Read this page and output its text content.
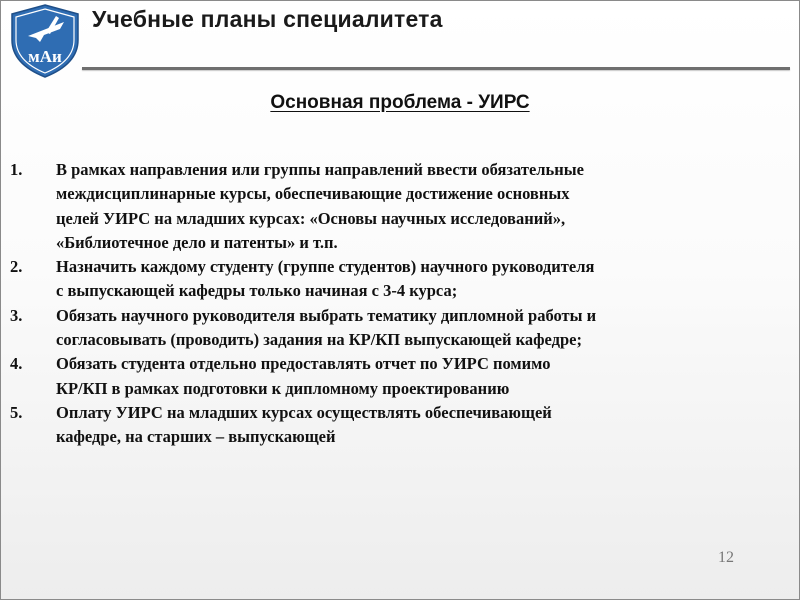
мАи
Учебные планы специалитета
Основная проблема - УИРС
1. В рамках направления или группы направлений ввести обязательные
междисциплинарные курсы, обеспечивающие достижение основных
целей УИРС на младших курсах: «Основы научных исследований»,
«Библиотечное дело и патенты» и т.п.
2. Назначить каждому студенту (группе студентов) научного руководителя
с выпускающей кафедры только начиная с 3-4 курса;
3. Обязать научного руководителя выбрать тематику дипломной работы и
согласовывать (проводить) задания на КР/КП выпускающей кафедре;
4. Обязать студента отдельно предоставлять отчет по УИРС помимо
КР/КП в рамках подготовки к дипломному проектированию
5. Оплату УИРС на младших курсах осуществлять обеспечивающей
кафедре, на старших – выпускающей
12
